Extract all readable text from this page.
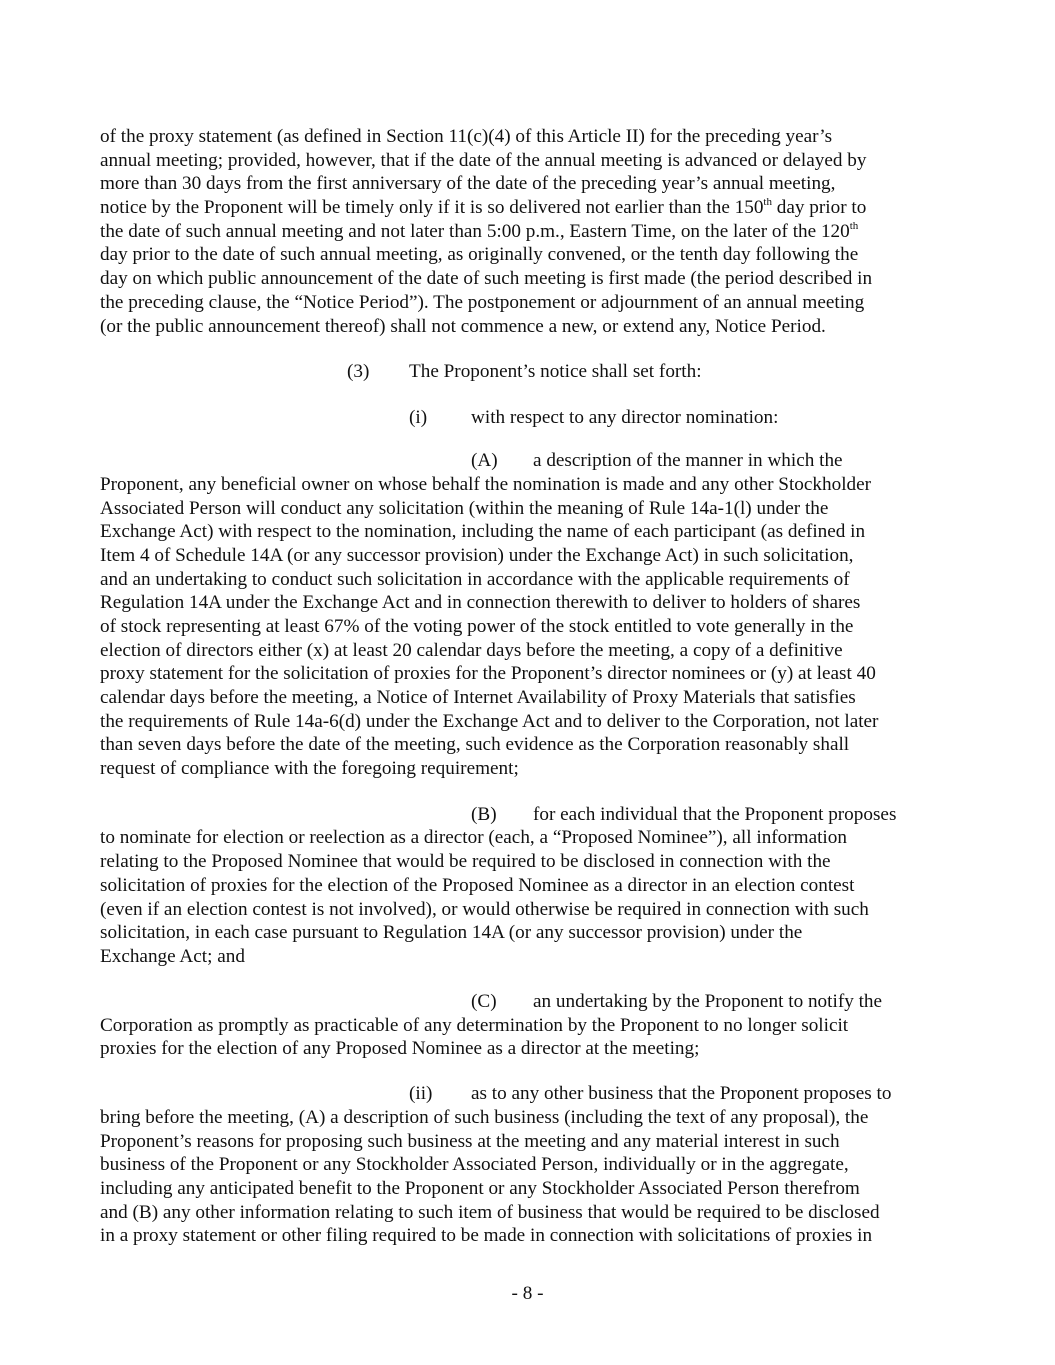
of the proxy statement (as defined in Section 11(c)(4) of this Article II) for the preceding year’s
annual meeting; provided, however, that if the date of the annual meeting is advanced or delayed by
more than 30 days from the first anniversary of the date of the preceding year’s annual meeting,
notice by the Proponent will be timely only if it is so delivered not earlier than the 150th day prior to
the date of such annual meeting and not later than 5:00 p.m., Eastern Time, on the later of the 120th
day prior to the date of such annual meeting, as originally convened, or the tenth day following the
day on which public announcement of the date of such meeting is first made (the period described in
the preceding clause, the “Notice Period”). The postponement or adjournment of an annual meeting
(or the public announcement thereof) shall not commence a new, or extend any, Notice Period.
(3) The Proponent’s notice shall set forth:
(i) with respect to any director nomination:
(A) a description of the manner in which the
Proponent, any beneficial owner on whose behalf the nomination is made and any other Stockholder
Associated Person will conduct any solicitation (within the meaning of Rule 14a-1(l) under the
Exchange Act) with respect to the nomination, including the name of each participant (as defined in
Item 4 of Schedule 14A (or any successor provision) under the Exchange Act) in such solicitation,
and an undertaking to conduct such solicitation in accordance with the applicable requirements of
Regulation 14A under the Exchange Act and in connection therewith to deliver to holders of shares
of stock representing at least 67% of the voting power of the stock entitled to vote generally in the
election of directors either (x) at least 20 calendar days before the meeting, a copy of a definitive
proxy statement for the solicitation of proxies for the Proponent’s director nominees or (y) at least 40
calendar days before the meeting, a Notice of Internet Availability of Proxy Materials that satisfies
the requirements of Rule 14a-6(d) under the Exchange Act and to deliver to the Corporation, not later
than seven days before the date of the meeting, such evidence as the Corporation reasonably shall
request of compliance with the foregoing requirement;
(B) for each individual that the Proponent proposes
to nominate for election or reelection as a director (each, a “Proposed Nominee”), all information
relating to the Proposed Nominee that would be required to be disclosed in connection with the
solicitation of proxies for the election of the Proposed Nominee as a director in an election contest
(even if an election contest is not involved), or would otherwise be required in connection with such
solicitation, in each case pursuant to Regulation 14A (or any successor provision) under the
Exchange Act; and
(C) an undertaking by the Proponent to notify the
Corporation as promptly as practicable of any determination by the Proponent to no longer solicit
proxies for the election of any Proposed Nominee as a director at the meeting;
(ii) as to any other business that the Proponent proposes to
bring before the meeting, (A) a description of such business (including the text of any proposal), the
Proponent’s reasons for proposing such business at the meeting and any material interest in such
business of the Proponent or any Stockholder Associated Person, individually or in the aggregate,
including any anticipated benefit to the Proponent or any Stockholder Associated Person therefrom
and (B) any other information relating to such item of business that would be required to be disclosed
in a proxy statement or other filing required to be made in connection with solicitations of proxies in
- 8 -
